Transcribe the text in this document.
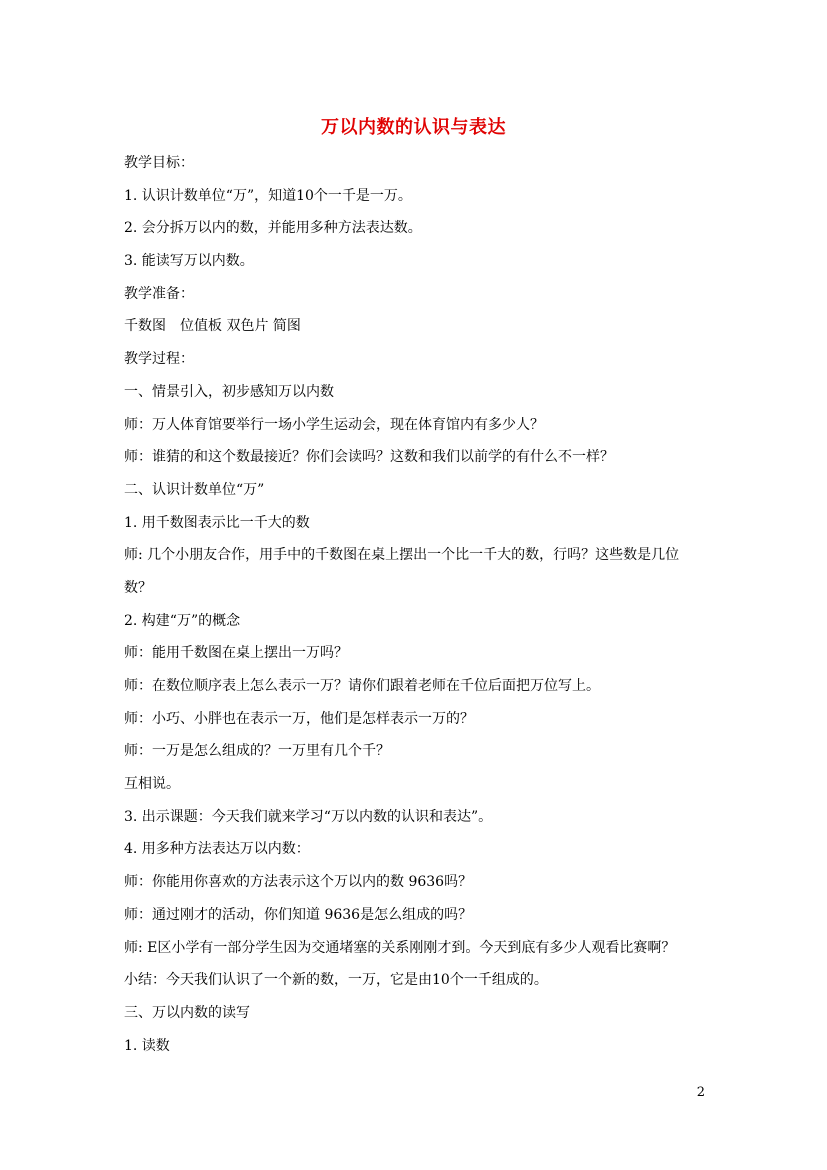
万以内数的认识与表达
教学目标：
1. 认识计数单位“万”，知道10个一千是一万。
2. 会分拆万以内的数，并能用多种方法表达数。
3. 能读写万以内数。
教学准备：
千数图　位值板 双色片 简图
教学过程：
一、情景引入，初步感知万以内数
师：万人体育馆要举行一场小学生运动会，现在体育馆内有多少人？
师：谁猜的和这个数最接近？你们会读吗？这数和我们以前学的有什么不一样？
二、认识计数单位“万”
1. 用千数图表示比一千大的数
师: 几个小朋友合作，用手中的千数图在桌上摆出一个比一千大的数，行吗？这些数是几位
数？
2. 构建“万”的概念
师：能用千数图在桌上摆出一万吗？
师：在数位顺序表上怎么表示一万？请你们跟着老师在千位后面把万位写上。
师：小巧、小胖也在表示一万，他们是怎样表示一万的？
师：一万是怎么组成的？一万里有几个千？
互相说。
3. 出示课题：今天我们就来学习“万以内数的认识和表达”。
4. 用多种方法表达万以内数：
师：你能用你喜欢的方法表示这个万以内的数 9636吗？
师：通过刚才的活动，你们知道 9636是怎么组成的吗？
师: E区小学有一部分学生因为交通堵塞的关系刚刚才到。今天到底有多少人观看比赛啊？
小结：今天我们认识了一个新的数，一万，它是由10个一千组成的。
三、万以内数的读写
1. 读数
2
